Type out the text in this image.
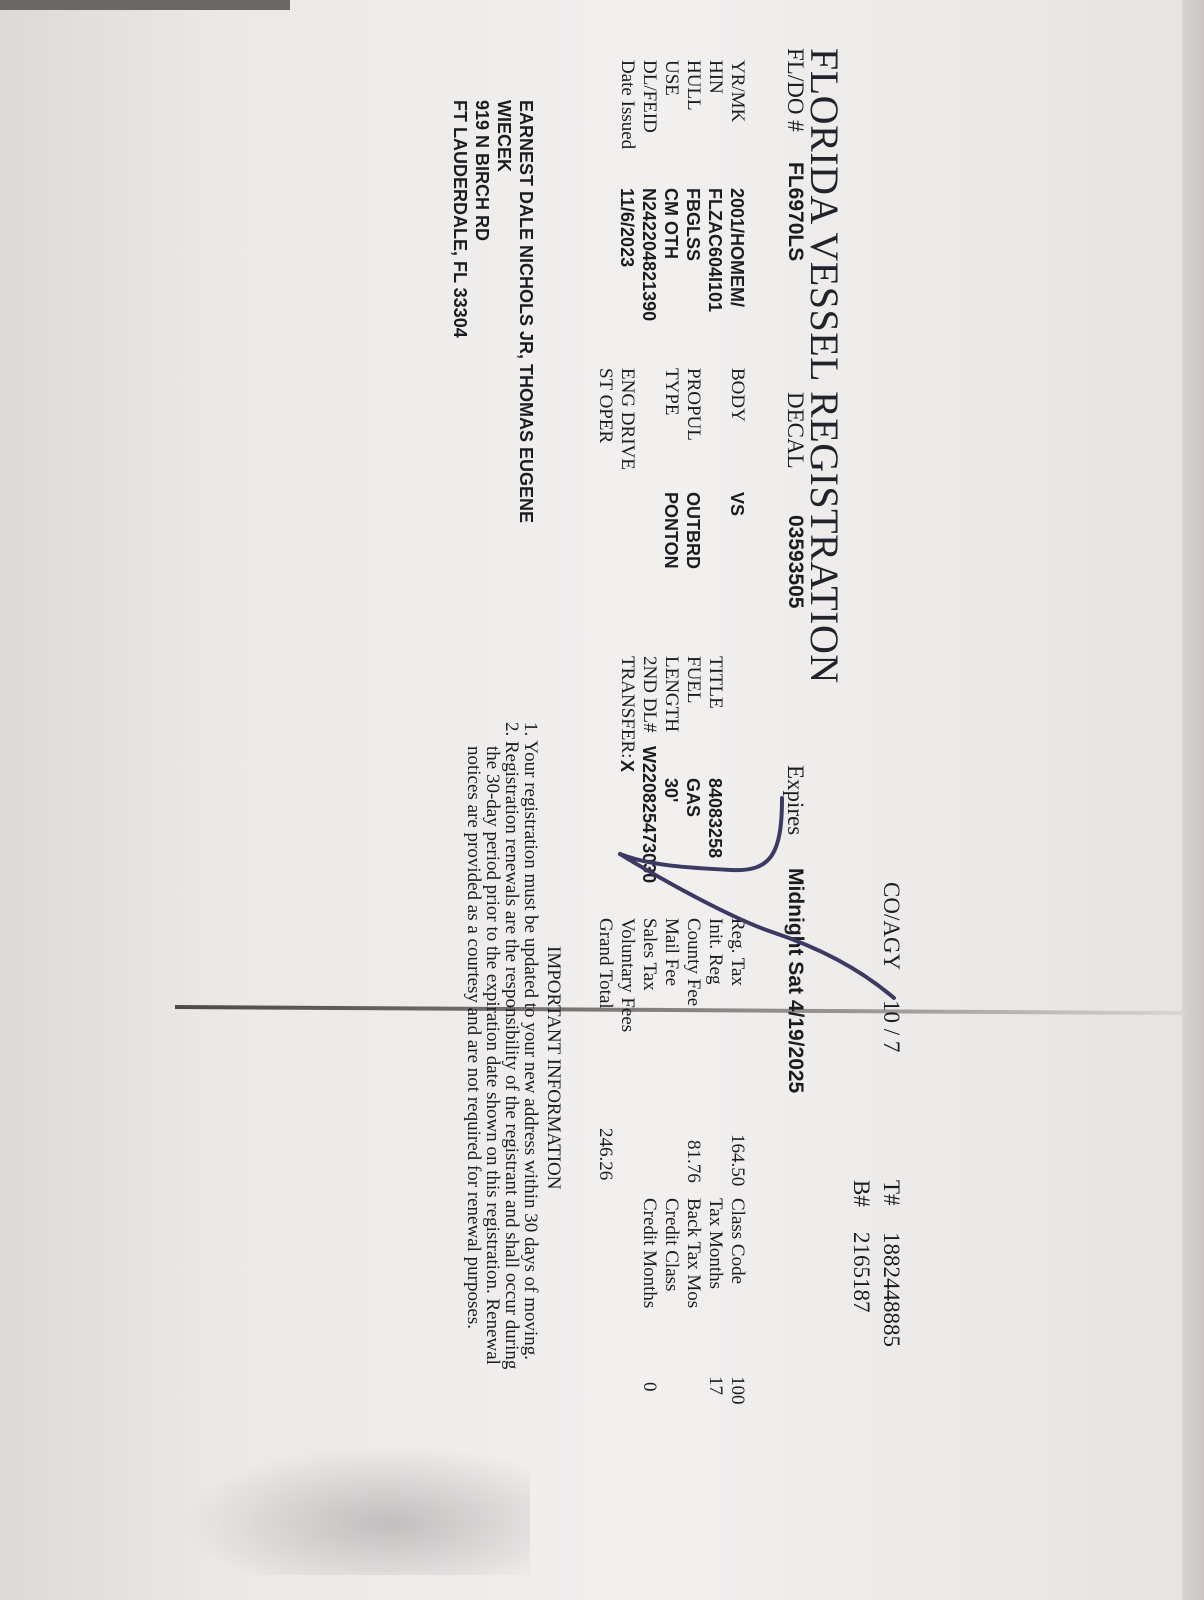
FLORIDA VESSEL REGISTRATION
CO/AGY
10 / 7
T#
1882448885
B#
2165187
FL/DO #
FL6970LS
DECAL
03593505
Expires
Midnight Sat 4/19/2025
YR/MK
2001/HOMEM/
HIN
FLZAC604I101
HULL
FBGLSS
USE
CM OTH
DL/FEID
N242204821390
Date Issued
11/6/2023
BODY
VS
PROPUL
OUTBRD
TYPE
PONTON
ENG DRIVE
ST OPER
TITLE
84083258
FUEL
GAS
LENGTH
30'
2ND DL#
W220825473030
TRANSFER:
X
Reg. Tax
Init. Reg
County Fee
Mail Fee
Sales Tax
Voluntary Fees
Grand Total
164.50
81.76
246.26
Class Code
Tax Months
Back Tax Mos
Credit Class
Credit Months
100
17
0
EARNEST DALE NICHOLS JR, THOMAS EUGENE
WIECEK
919 N BIRCH RD
FT LAUDERDALE, FL 33304
IMPORTANT INFORMATION
1. Your registration must be updated to your new address within 30 days of moving.
2. Registration renewals are the responsibility of the registrant and shall occur during
the 30-day period prior to the expiration date shown on this registration. Renewal
notices are provided as a courtesy and are not required for renewal purposes.
